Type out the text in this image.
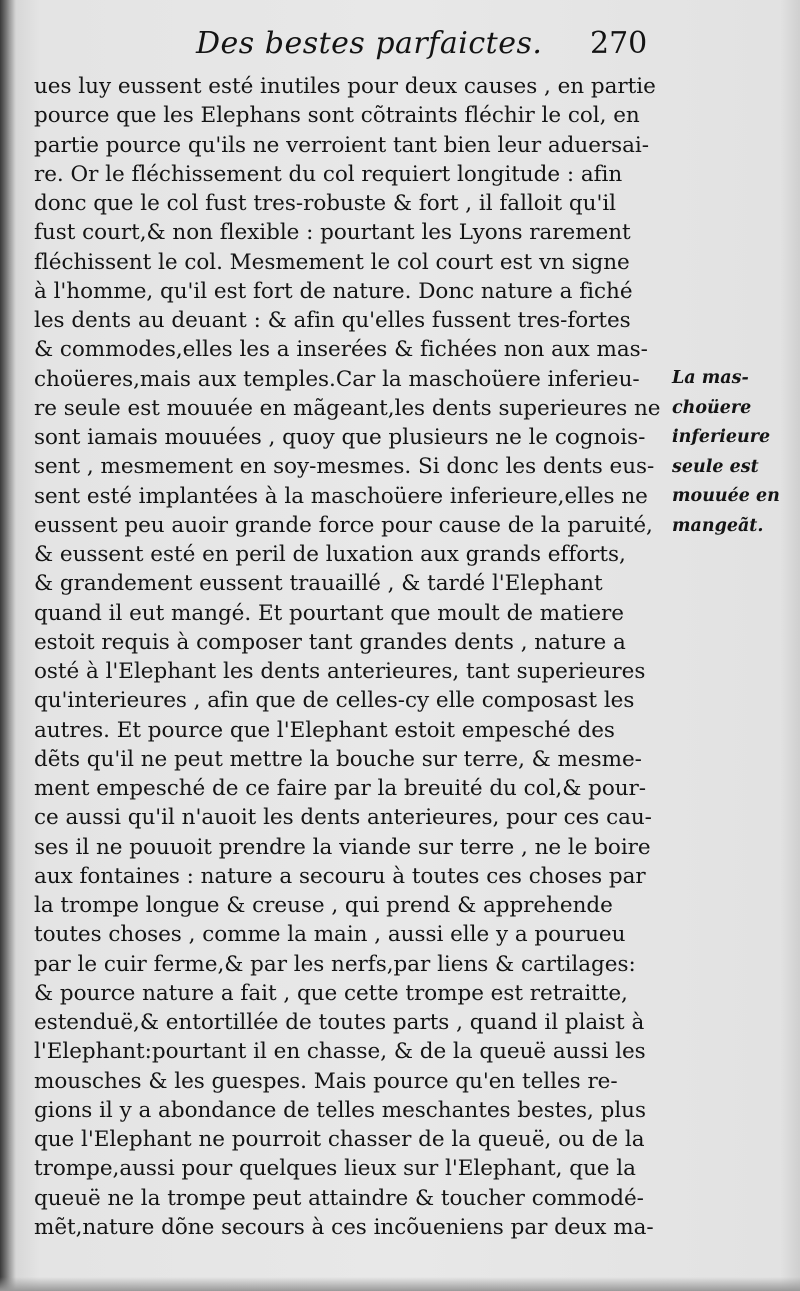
Des bestes parfaictes. 270
ues luy eussent esté inutiles pour deux causes , en partie
pource que les Elephans sont cõtraints fléchir le col, en
partie pource qu'ils ne verroient tant bien leur aduersai-
re. Or le fléchissement du col requiert longitude : afin
donc que le col fust tres-robuste & fort , il falloit qu'il
fust court,& non flexible : pourtant les Lyons rarement
fléchissent le col. Mesmement le col court est vn signe
à l'homme, qu'il est fort de nature. Donc nature a fiché
les dents au deuant : & afin qu'elles fussent tres-fortes
& commodes,elles les a inserées & fichées non aux mas-
choüeres,mais aux temples.Car la maschoüere inferieu-
re seule est mouuée en mãgeant,les dents superieures ne
sont iamais mouuées , quoy que plusieurs ne le cognois-
sent , mesmement en soy-mesmes. Si donc les dents eus-
sent esté implantées à la maschoüere inferieure,elles ne
eussent peu auoir grande force pour cause de la paruité,
& eussent esté en peril de luxation aux grands efforts,
& grandement eussent trauaillé , & tardé l'Elephant
quand il eut mangé. Et pourtant que moult de matiere
estoit requis à composer tant grandes dents , nature a
osté à l'Elephant les dents anterieures, tant superieures
qu'interieures , afin que de celles-cy elle composast les
autres. Et pource que l'Elephant estoit empesché des
dẽts qu'il ne peut mettre la bouche sur terre, & mesme-
ment empesché de ce faire par la breuité du col,& pour-
ce aussi qu'il n'auoit les dents anterieures, pour ces cau-
ses il ne pouuoit prendre la viande sur terre , ne le boire
aux fontaines : nature a secouru à toutes ces choses par
la trompe longue & creuse , qui prend & apprehende
toutes choses , comme la main , aussi elle y a pourueu
par le cuir ferme,& par les nerfs,par liens & cartilages:
& pource nature a fait , que cette trompe est retraitte,
estenduë,& entortillée de toutes parts , quand il plaist à
l'Elephant:pourtant il en chasse, & de la queuë aussi les
mousches & les guespes. Mais pource qu'en telles re-
gions il y a abondance de telles meschantes bestes, plus
que l'Elephant ne pourroit chasser de la queuë, ou de la
trompe,aussi pour quelques lieux sur l'Elephant, que la
queuë ne la trompe peut attaindre & toucher commodé-
mẽt,nature dõne secours à ces incõueniens par deux ma-
La mas-
choüere
inferieure
seule est
mouuée en
mangeãt.
